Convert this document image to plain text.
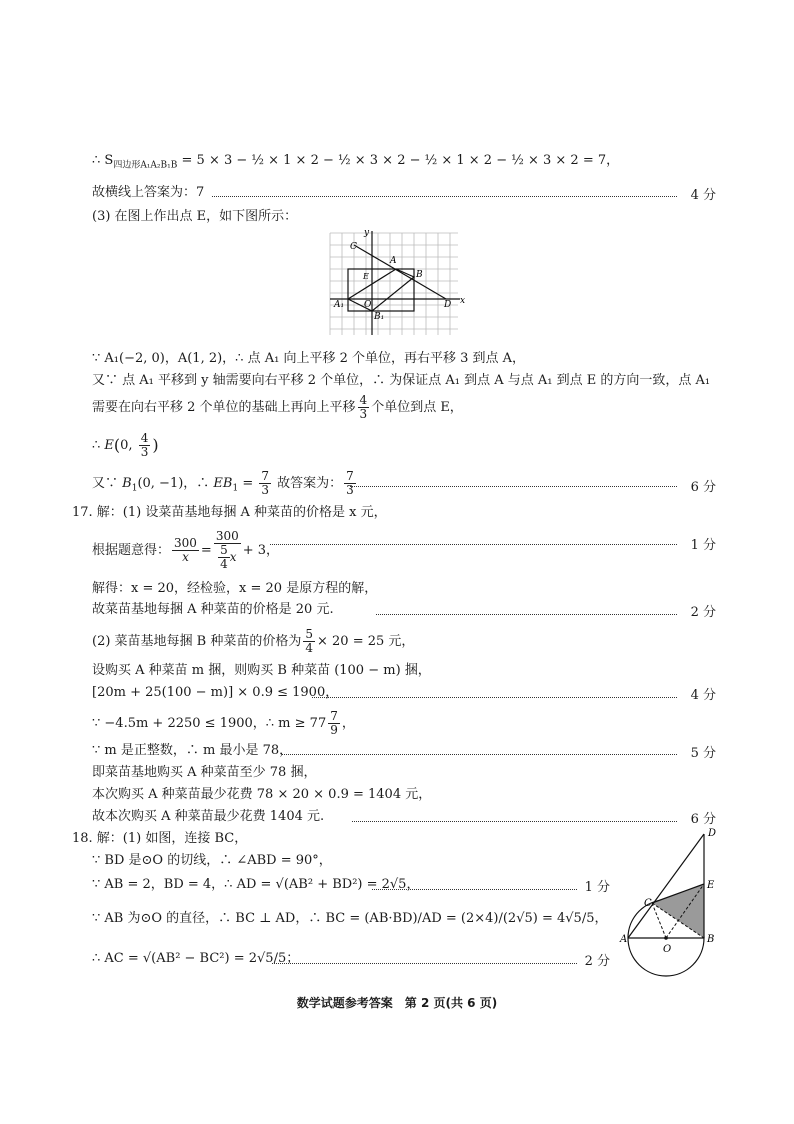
∴ $S_{四边形A_1A_2B_1B} = 5 \times 3$ − ½ × 1 × 2 − ½ × 3 × 2 − ½ × 1 × 2 − ½ × 3 × 2 = 7，
故横线上答案为：7	4 分
(3) 在图上作出点 E，如下图所示：
C
A
B
E
A₁ O
B₁
D x
y
∵ A₁(−2, 0)，A(1, 2)，∴ 点 A₁ 向上平移 2 个单位，再右平移 3 到点 A，
又∵ 点 A₁ 平移到 y 轴需要向右平移 2 个单位，∴ 为保证点 A₁ 到点 A 与点 A₁ 到点 E 的方向一致，点 A₁
需要在向右平移 2 个单位的基础上再向上平移 $\frac{4}{3}$ 个单位到点 E，
∴ E(0, $\frac{4}{3}$ )
又∵ $B_1(0$, −1)，∴ $EB_1 = \frac{7}{3}$ 故答案为： $\frac{7}{3}$	6 分
17. 解：(1) 设菜苗基地每捆 A 种菜苗的价格是 x 元，
根据题意得： $\frac{300}{x} = \frac{300}{\frac{5}{4} x} + 3$，	1 分
解得：x = 20，经检验，x = 20 是原方程的解，
故菜苗基地每捆 A 种菜苗的价格是 20 元.	2 分
(2) 菜苗基地每捆 B 种菜苗的价格为 $\frac{5}{4} \times 20 = 25$ 元，
设购买 A 种菜苗 m 捆，则购买 B 种菜苗 (100 − m) 捆，
[20m + 25(100 − m)] × 0.9 ≤ 1900，	4 分
∵ −4.5m + 2250 ≤ 1900，∴ $m \ge 77 \frac{7}{9}$ ，
∵ m 是正整数，∴ m 最小是 78，	5 分
即菜苗基地购买 A 种菜苗至少 78 捆，
本次购买 A 种菜苗最少花费 78 × 20 × 0.9 = 1404 元，
故本次购买 A 种菜苗最少花费 1404 元.	6 分
18. 解：(1) 如图，连接 BC，
∵ BD 是⊙O 的切线，∴ ∠ABD = 90°，
∵ AB = 2，BD = 4，∴ AD = √(AB² + BD²) = 2√5，	1 分
∵ AB 为⊙O 的直径，∴ BC ⊥ AD，∴ BC = (AB·BD)/AD = (2×4)/(2√5) = 4√5/5，
∴ AC = √(AB² − BC²) = 2√5/5；	2 分
D
E
C
A	B
O
数学试题参考答案　第 2 页(共 6 页)
